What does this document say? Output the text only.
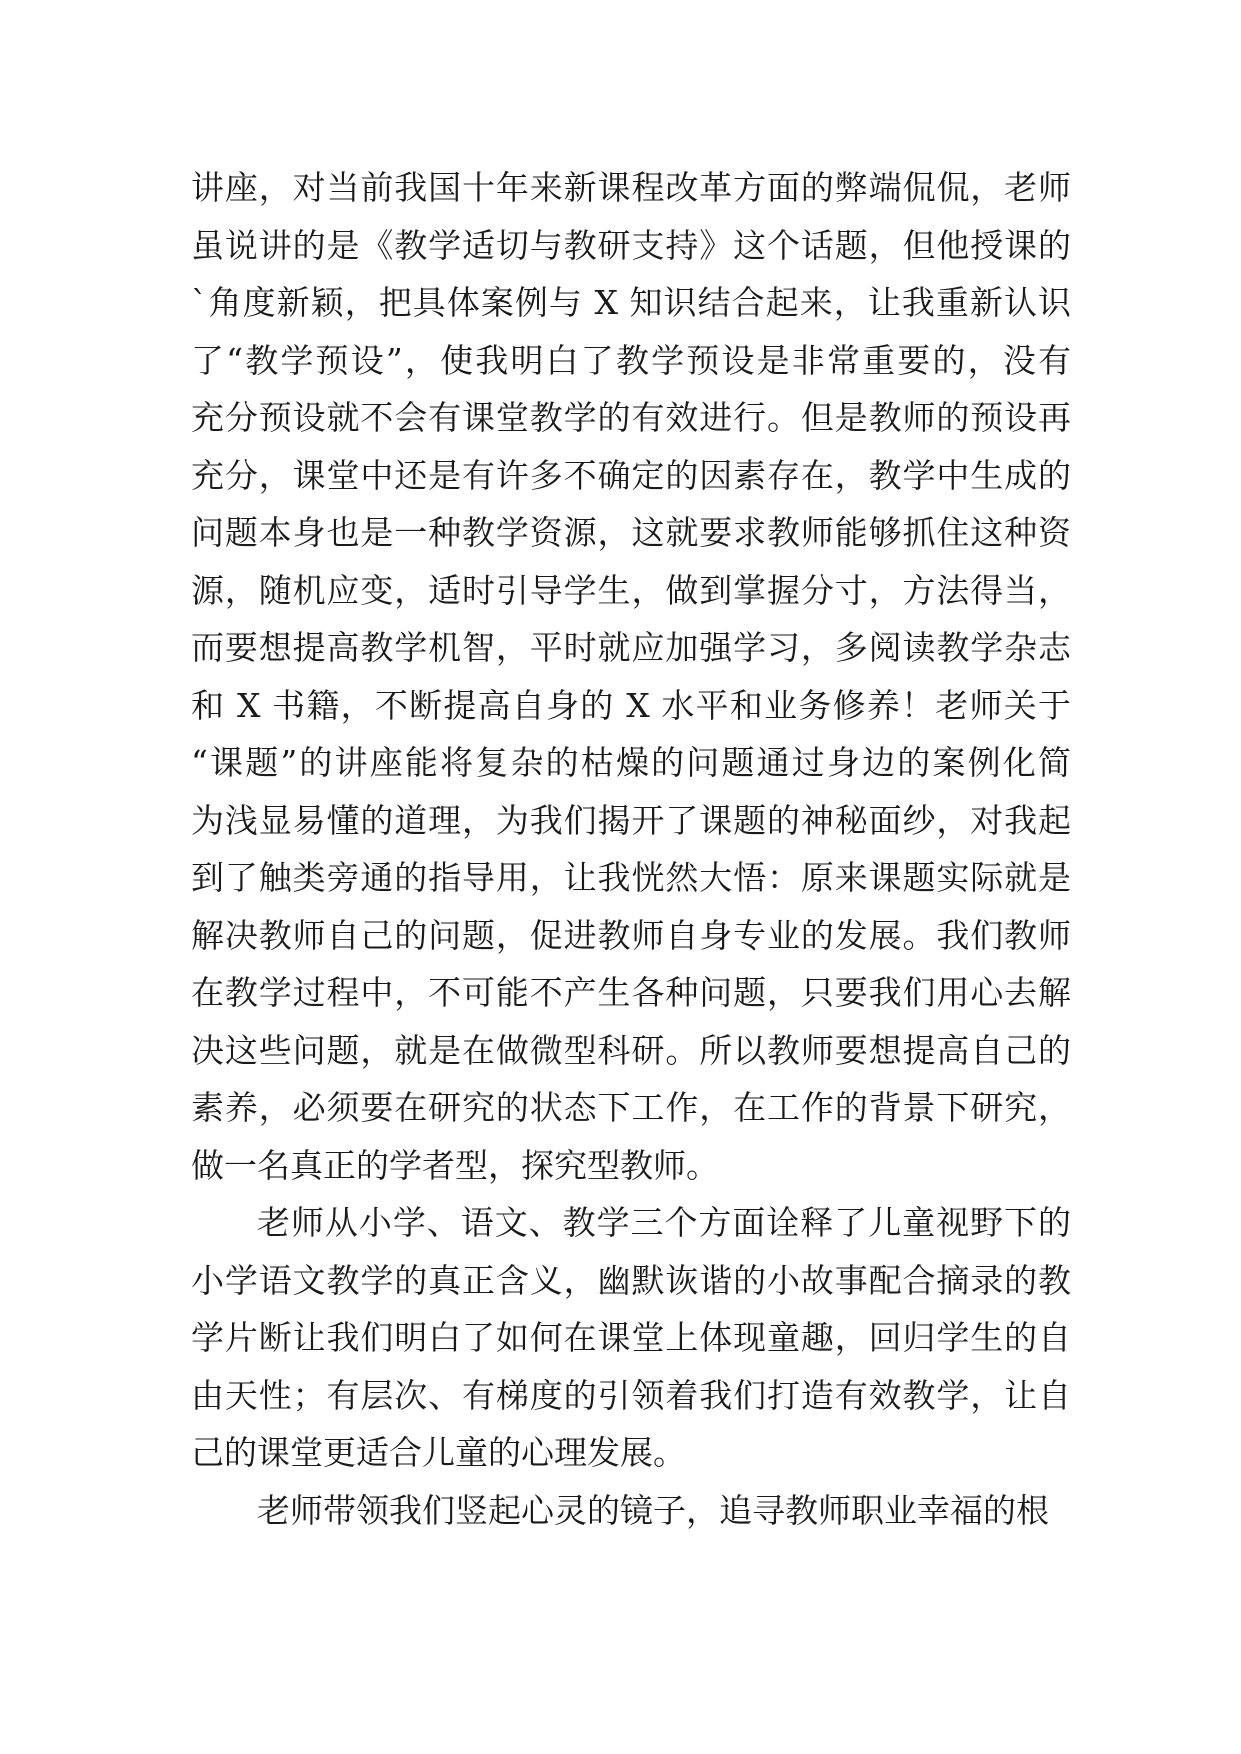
讲座，对当前我国十年来新课程改革方面的弊端侃侃，老师
虽说讲的是《教学适切与教研支持》这个话题，但他授课的
`角度新颖，把具体案例与 X 知识结合起来，让我重新认识
了“教学预设”，使我明白了教学预设是非常重要的，没有
充分预设就不会有课堂教学的有效进行。但是教师的预设再
充分，课堂中还是有许多不确定的因素存在，教学中生成的
问题本身也是一种教学资源，这就要求教师能够抓住这种资
源，随机应变，适时引导学生，做到掌握分寸，方法得当，
而要想提高教学机智，平时就应加强学习，多阅读教学杂志
和 X 书籍，不断提高自身的 X 水平和业务修养！老师关于
“课题”的讲座能将复杂的枯燥的问题通过身边的案例化简
为浅显易懂的道理，为我们揭开了课题的神秘面纱，对我起
到了触类旁通的指导用，让我恍然大悟：原来课题实际就是
解决教师自己的问题，促进教师自身专业的发展。我们教师
在教学过程中，不可能不产生各种问题，只要我们用心去解
决这些问题，就是在做微型科研。所以教师要想提高自己的
素养，必须要在研究的状态下工作，在工作的背景下研究，
做一名真正的学者型，探究型教师。
老师从小学、语文、教学三个方面诠释了儿童视野下的
小学语文教学的真正含义，幽默诙谐的小故事配合摘录的教
学片断让我们明白了如何在课堂上体现童趣，回归学生的自
由天性；有层次、有梯度的引领着我们打造有效教学，让自
己的课堂更适合儿童的心理发展。
老师带领我们竖起心灵的镜子，追寻教师职业幸福的根
